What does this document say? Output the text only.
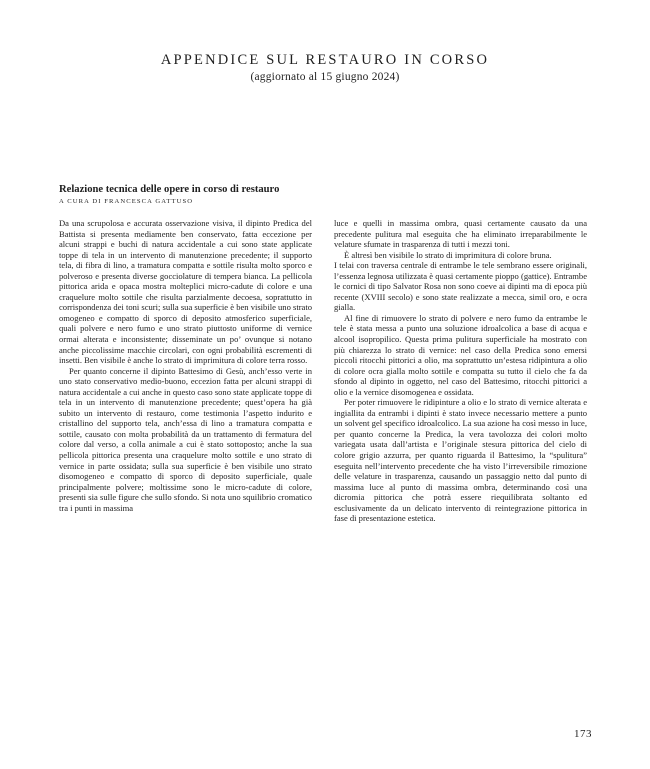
APPENDICE SUL RESTAURO IN CORSO
(aggiornato al 15 giugno 2024)
Relazione tecnica delle opere in corso di restauro
A CURA DI FRANCESCA GATTUSO

Da una scrupolosa e accurata osservazione visiva, il dipinto Predica del Battista si presenta mediamente ben conservato, fatta eccezione per alcuni strappi e buchi di natura accidentale a cui sono state applicate toppe di tela in un intervento di manutenzione precedente; il supporto tela, di fibra di lino, a tramatura compatta e sottile risulta molto sporco e polveroso e presenta diverse gocciolature di tempera bianca. La pellicola pittorica arida e opaca mostra molteplici micro-cadute di colore e una craquelure molto sottile che risulta parzialmente decoesa, soprattutto in corrispondenza dei toni scuri; sulla sua superficie è ben visibile uno strato omogeneo e compatto di sporco di deposito atmosferico superficiale, quali polvere e nero fumo e uno strato piuttosto uniforme di vernice ormai alterata e inconsistente; disseminate un po’ ovunque si notano anche piccolissime macchie circolari, con ogni probabilità escrementi di insetti. Ben visibile è anche lo strato di imprimitura di colore terra rosso.

Per quanto concerne il dipinto Battesimo di Gesù, anch’esso verte in uno stato conservativo medio-buono, eccezion fatta per alcuni strappi di natura accidentale a cui anche in questo caso sono state applicate toppe di tela in un intervento di manutenzione precedente; quest’opera ha già subito un intervento di restauro, come testimonia l’aspetto indurito e cristallino del supporto tela, anch’essa di lino a tramatura compatta e sottile, causato con molta probabilità da un trattamento di fermatura del colore dal verso, a colla animale a cui è stato sottoposto; anche la sua pellicola pittorica presenta una craquelure molto sottile e uno strato di vernice in parte ossidata; sulla sua superficie è ben visibile uno strato disomogeneo e compatto di sporco di deposito superficiale, quale principalmente polvere; moltissime sono le micro-cadute di colore, presenti sia sulle figure che sullo sfondo. Si nota uno squilibrio cromatico tra i punti in massima

luce e quelli in massima ombra, quasi certamente causato da una precedente pulitura mal eseguita che ha eliminato irreparabilmente le velature sfumate in trasparenza di tutti i mezzi toni.

È altresì ben visibile lo strato di imprimitura di colore bruna.

I telai con traversa centrale di entrambe le tele sembrano essere originali, l’essenza legnosa utilizzata è quasi certamente pioppo (gattice). Entrambe le cornici di tipo Salvator Rosa non sono coeve ai dipinti ma di epoca più recente (XVIII secolo) e sono state realizzate a mecca, simil oro, e ocra gialla.

Al fine di rimuovere lo strato di polvere e nero fumo da entrambe le tele è stata messa a punto una soluzione idroalcolica a base di acqua e alcool isopropilico. Questa prima pulitura superficiale ha mostrato con più chiarezza lo strato di vernice: nel caso della Predica sono emersi piccoli ritocchi pittorici a olio, ma soprattutto un’estesa ridipintura a olio di colore ocra gialla molto sottile e compatta su tutto il cielo che fa da sfondo al dipinto in oggetto, nel caso del Battesimo, ritocchi pittorici a olio e la vernice disomogenea e ossidata.

Per poter rimuovere le ridipinture a olio e lo strato di vernice alterata e ingiallita da entrambi i dipinti è stato invece necessario mettere a punto un solvent gel specifico idroalcolico. La sua azione ha così messo in luce, per quanto concerne la Predica, la vera tavolozza dei colori molto variegata usata dall’artista e l’originale stesura pittorica del cielo di colore grigio azzurra, per quanto riguarda il Battesimo, la “spulitura” eseguita nell’intervento precedente che ha visto l’irreversibile rimozione delle velature in trasparenza, causando un passaggio netto dal punto di massima luce al punto di massima ombra, determinando così una dicromia pittorica che potrà essere riequilibrata soltanto ed esclusivamente da un delicato intervento di reintegrazione pittorica in fase di presentazione estetica.

173
